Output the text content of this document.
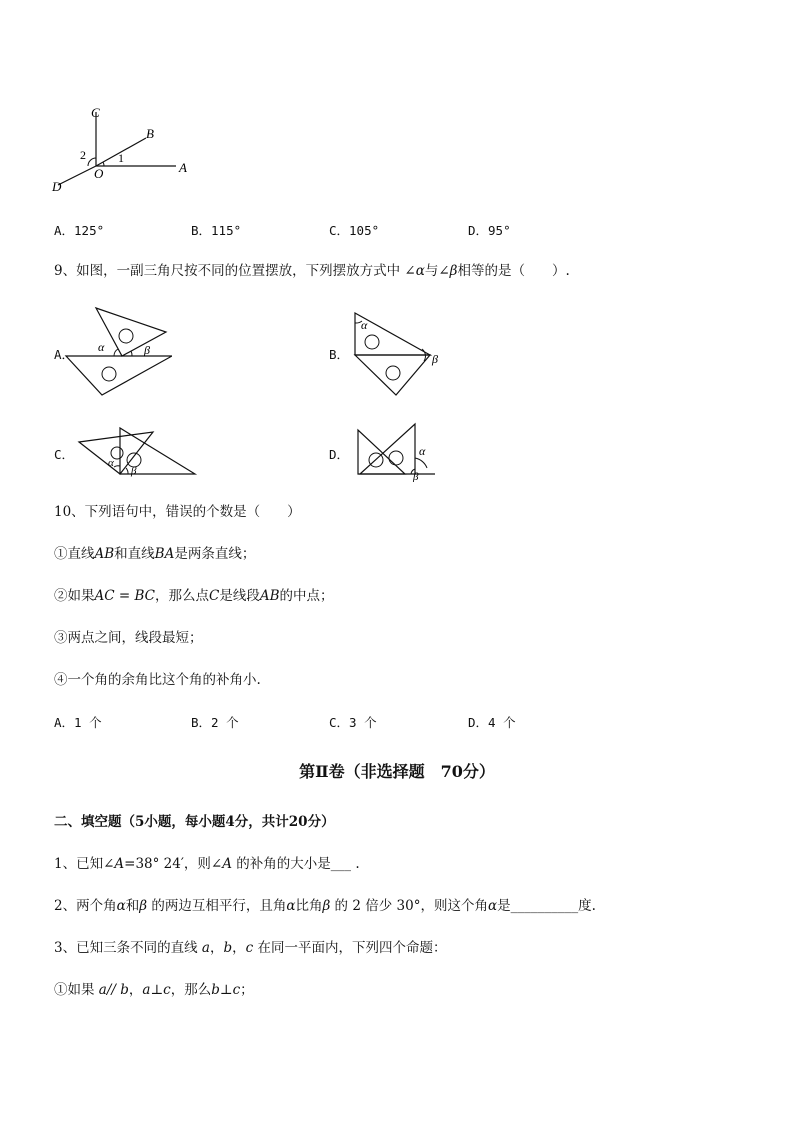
C
B
A
D
O
1
2
A．125°	B．115°	C．105°	D．95°
9、如图，一副三角尺按不同的位置摆放，下列摆放方式中 ∠α与∠β相等的是（　　）.
A． α	β	B．
α
β
C．
α
β
D．	α
β
10、下列语句中，错误的个数是（　　）
①直线AB和直线BA是两条直线；
②如果AC = BC，那么点C是线段AB的中点；
③两点之间，线段最短；
④一个角的余角比这个角的补角小.
A．1 个	B．2 个	C．3 个	D．4 个
第Ⅱ卷（非选择题　70分）
二、填空题（5小题，每小题4分，共计20分）
1、已知∠A=38° 24′，则∠A 的补角的大小是___ .
2、两个角α和β 的两边互相平行，且角α比角β 的 2 倍少 30°，则这个角α是__________度.
3、已知三条不同的直线 a，b，c 在同一平面内，下列四个命题：
①如果 a// b，a⊥c，那么b⊥c；
